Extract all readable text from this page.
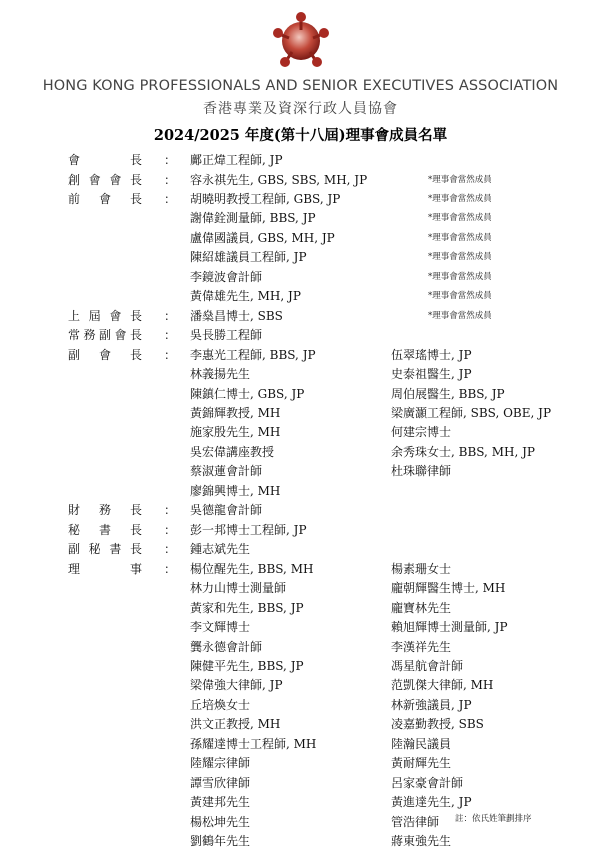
HONG KONG PROFESSIONALS AND SENIOR EXECUTIVES ASSOCIATION
香港專業及資深行政人員協會
2024/2025 年度(第十八屆)理事會成員名單
會	長 ： 鄺正煒工程師, JP
創 會 會 長 ： 容永祺先生, GBS, SBS, MH, JP	*理事會當然成員
前 會 長 ： 胡曉明教授工程師, GBS, JP	*理事會當然成員
謝偉銓測量師, BBS, JP	*理事會當然成員
盧偉國議員, GBS, MH, JP	*理事會當然成員
陳紹雄議員工程師, JP	*理事會當然成員
李鏡波會計師	*理事會當然成員
黃偉雄先生, MH, JP	*理事會當然成員
上 屆 會 長 ： 潘燊昌博士, SBS	*理事會當然成員
常 務 副 會 長 ： 吳長勝工程師
副 會 長 ： 李惠光工程師, BBS, JP	伍翠瑤博士, JP
林義揚先生	史泰祖醫生, JP
陳鎮仁博士, GBS, JP	周伯展醫生, BBS, JP
黃錦輝教授, MH	梁廣灝工程師, SBS, OBE, JP
施家殷先生, MH	何建宗博士
吳宏偉講座教授	余秀珠女士, BBS, MH, JP
蔡淑蓮會計師	杜珠聯律師
廖錦興博士, MH
財 務 長 ： 吳德龍會計師
秘 書 長 ： 彭一邦博士工程師, JP
副 秘 書 長 ： 鍾志斌先生
理	事 ： 楊位醒先生, BBS, MH	楊素珊女士
林力山博士測量師	龐朝輝醫生博士, MH
黃家和先生, BBS, JP	龐寶林先生
李文輝博士	賴旭輝博士測量師, JP
龔永德會計師	李漢祥先生
陳健平先生, BBS, JP	馮星航會計師
梁偉強大律師, JP	范凱傑大律師, MH
丘培煥女士	林新強議員, JP
洪文正教授, MH	凌嘉勤教授, SBS
孫耀達博士工程師, MH	陸瀚民議員
陸耀宗律師	黃耐輝先生
譚雪欣律師	呂家豪會計師
黃建邦先生	黃進達先生, JP
楊松坤先生	管浩律師
劉鶴年先生	蔣東強先生
註：依氏姓筆劃排序
